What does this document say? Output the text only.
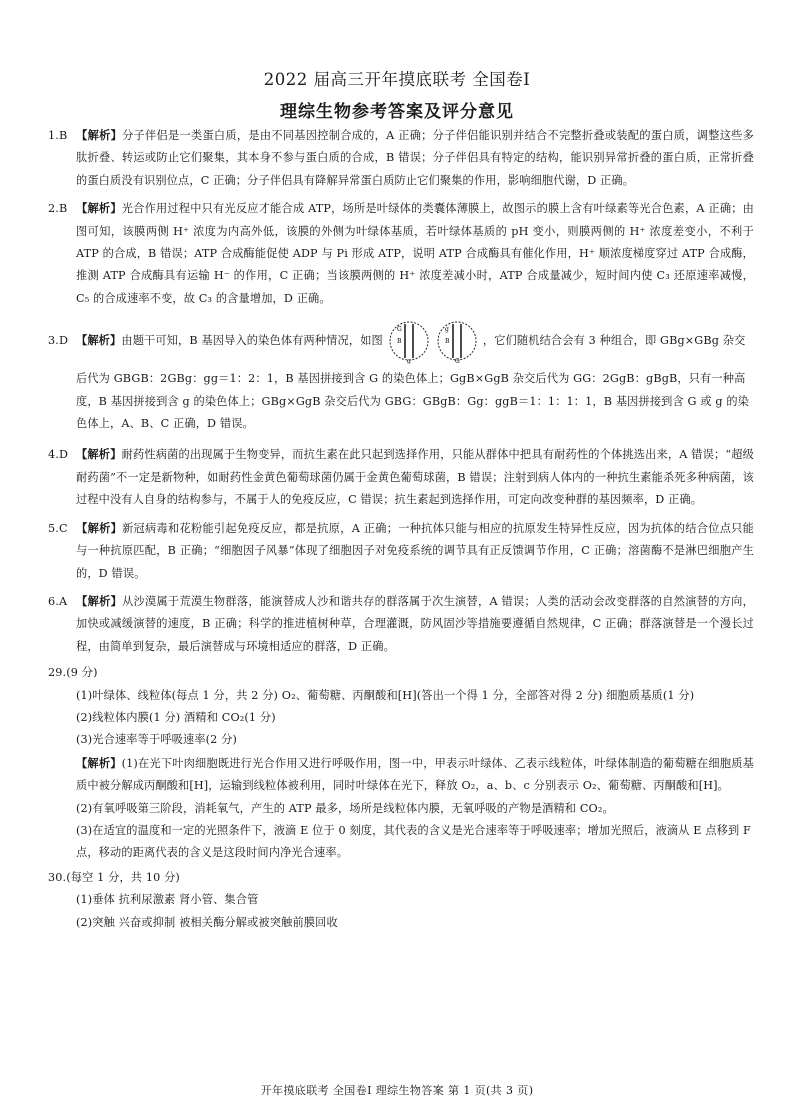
2022 届高三开年摸底联考 全国卷Ⅰ
理综生物参考答案及评分意见

1.B 【解析】分子伴侣是一类蛋白质，是由不同基因控制合成的，A 正确；分子伴侣能识别并结合不完整折叠或装配的蛋白质，调整这些多肽折叠、转运或防止它们聚集，其本身不参与蛋白质的合成，B 错误；分子伴侣具有特定的结构，能识别异常折叠的蛋白质，正常折叠的蛋白质没有识别位点，C 正确；分子伴侣具有降解异常蛋白质防止它们聚集的作用，影响细胞代谢，D 正确。

2.B 【解析】光合作用过程中只有光反应才能合成 ATP，场所是叶绿体的类囊体薄膜上，故图示的膜上含有叶绿素等光合色素，A 正确；由图可知，该膜两侧 H⁺ 浓度为内高外低，该膜的外侧为叶绿体基质，若叶绿体基质的 pH 变小，则膜两侧的 H⁺ 浓度差变小，不利于 ATP 的合成，B 错误；ATP 合成酶能促使 ADP 与 Pi 形成 ATP，说明 ATP 合成酶具有催化作用，H⁺ 顺浓度梯度穿过 ATP 合成酶，推测 ATP 合成酶具有运输 H⁻ 的作用，C 正确；当该膜两侧的 H⁺ 浓度差减小时，ATP 合成量减少，短时间内使 C₃ 还原速率减慢，C₅ 的合成速率不变，故 C₃ 的含量增加，D 正确。

3.D 【解析】由题干可知，B 基因导入的染色体有两种情况，如图
G
B
g
g
B
G
，它们随机结合会有 3 种组合，即 GBg×GBg 杂交

后代为 GBGB：2GBg：gg＝1：2：1，B 基因拼接到含 G 的染色体上；GgB×GgB 杂交后代为 GG：2GgB：gBgB，只有一种高度，B 基因拼接到含 g 的染色体上；GBg×GgB 杂交后代为 GBG：GBgB：Gg：ggB＝1：1：1：1，B 基因拼接到含 G 或 g 的染色体上，A、B、C 正确，D 错误。

4.D 【解析】耐药性病菌的出现属于生物变异，而抗生素在此只起到选择作用，只能从群体中把具有耐药性的个体挑选出来，A 错误；“超级耐药菌”不一定是新物种，如耐药性金黄色葡萄球菌仍属于金黄色葡萄球菌，B 错误；注射到病人体内的一种抗生素能杀死多种病菌，该过程中没有人自身的结构参与，不属于人的免疫反应，C 错误；抗生素起到选择作用，可定向改变种群的基因频率，D 正确。

5.C 【解析】新冠病毒和花粉能引起免疫反应，都是抗原，A 正确；一种抗体只能与相应的抗原发生特异性反应，因为抗体的结合位点只能与一种抗原匹配，B 正确；“细胞因子风暴”体现了细胞因子对免疫系统的调节具有正反馈调节作用，C 正确；溶菌酶不是淋巴细胞产生的，D 错误。

6.A 【解析】从沙漠属于荒漠生物群落，能演替成人沙和谐共存的群落属于次生演替，A 错误；人类的活动会改变群落的自然演替的方向，加快或减缓演替的速度，B 正确；科学的推进植树种草，合理灌溉，防风固沙等措施要遵循自然规律，C 正确；群落演替是一个漫长过程，由简单到复杂，最后演替成与环境相适应的群落，D 正确。

29.(9 分)

(1)叶绿体、线粒体(每点 1 分，共 2 分) O₂、葡萄糖、丙酮酸和[H](答出一个得 1 分，全部答对得 2 分) 细胞质基质(1 分)

(2)线粒体内膜(1 分) 酒精和 CO₂(1 分)

(3)光合速率等于呼吸速率(2 分)

【解析】(1)在光下叶肉细胞既进行光合作用又进行呼吸作用，图一中，甲表示叶绿体、乙表示线粒体，叶绿体制造的葡萄糖在细胞质基质中被分解成丙酮酸和[H]，运输到线粒体被利用，同时叶绿体在光下，释放 O₂，a、b、c 分别表示 O₂、葡萄糖、丙酮酸和[H]。

(2)有氧呼吸第三阶段，消耗氧气，产生的 ATP 最多，场所是线粒体内膜，无氧呼吸的产物是酒精和 CO₂。

(3)在适宜的温度和一定的光照条件下，液滴 E 位于 0 刻度，其代表的含义是光合速率等于呼吸速率；增加光照后，液滴从 E 点移到 F 点，移动的距离代表的含义是这段时间内净光合速率。

30.(每空 1 分，共 10 分)

(1)垂体 抗利尿激素 肾小管、集合管

(2)突触 兴奋或抑制 被相关酶分解或被突触前膜回收

开年摸底联考 全国卷Ⅰ 理综生物答案 第 1 页(共 3 页)
